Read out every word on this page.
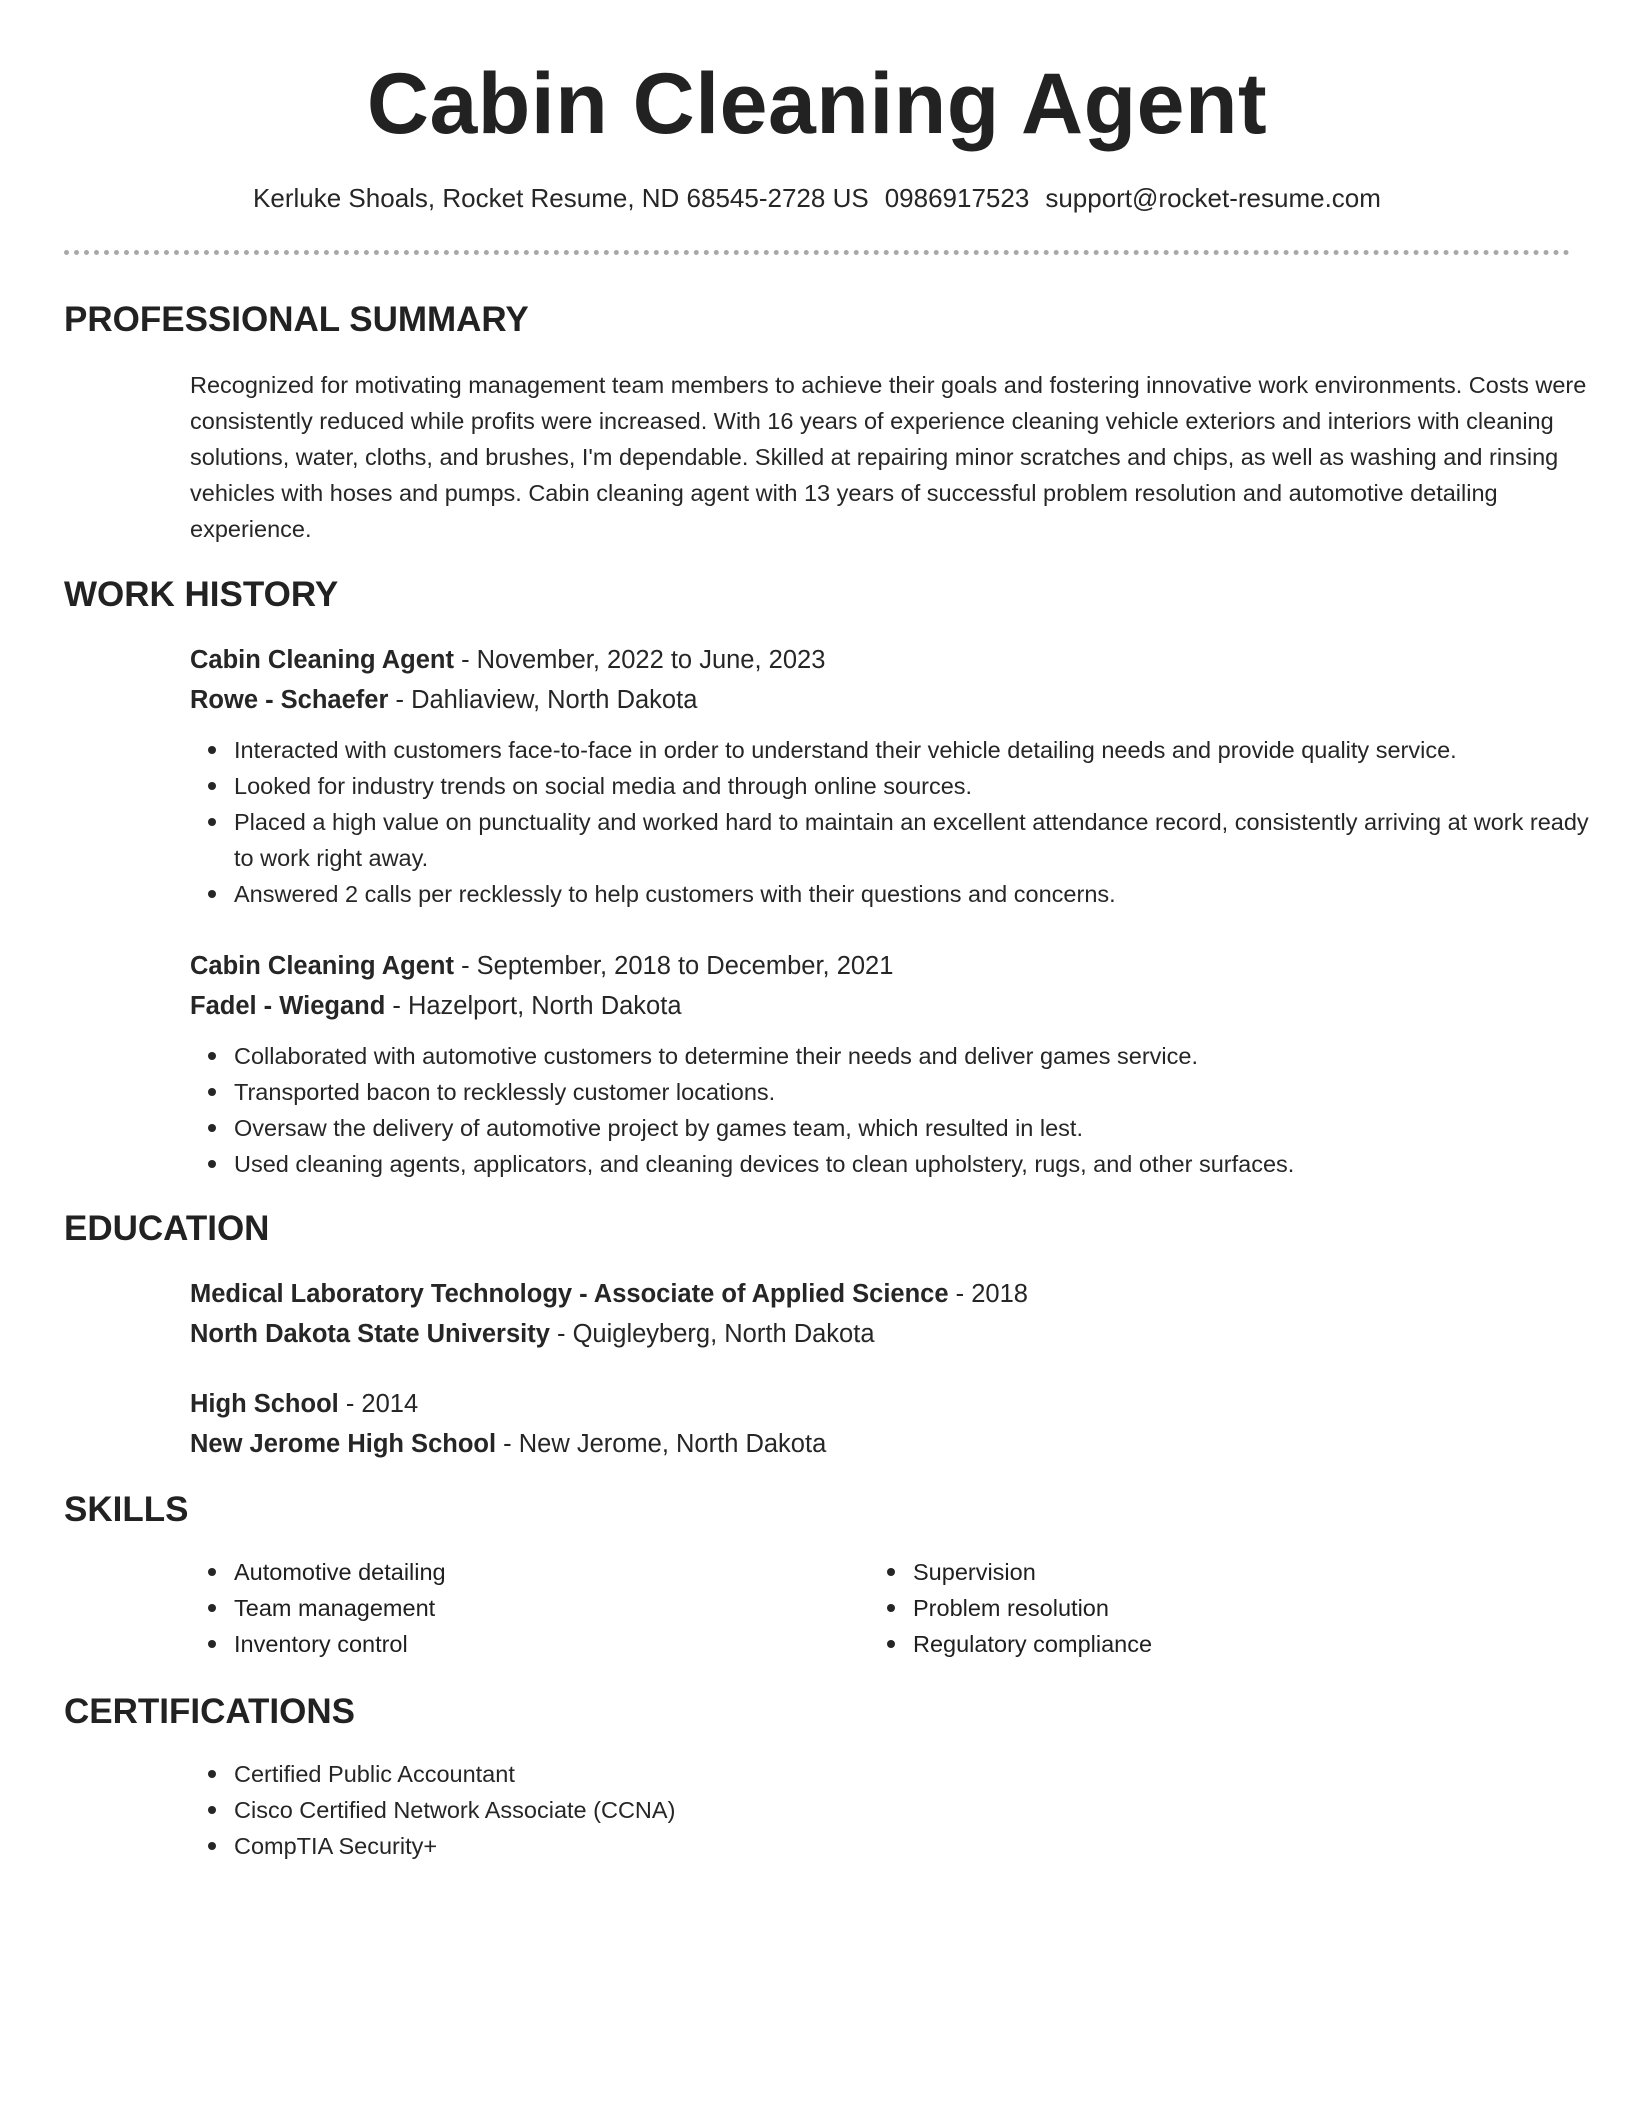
Cabin Cleaning Agent
Kerluke Shoals, Rocket Resume, ND 68545-2728 US 0986917523 support@rocket-resume.com
PROFESSIONAL SUMMARY

Recognized for motivating management team members to achieve their goals and fostering innovative work environments. Costs were consistently reduced while profits were increased. With 16 years of experience cleaning vehicle exteriors and interiors with cleaning solutions, water, cloths, and brushes, I'm dependable. Skilled at repairing minor scratches and chips, as well as washing and rinsing vehicles with hoses and pumps. Cabin cleaning agent with 13 years of successful problem resolution and automotive detailing experience.

WORK HISTORY

Cabin Cleaning Agent - November, 2022 to June, 2023

Rowe - Schaefer - Dahliaview, North Dakota

Interacted with customers face-to-face in order to understand their vehicle detailing needs and provide quality service.
Looked for industry trends on social media and through online sources.
Placed a high value on punctuality and worked hard to maintain an excellent attendance record, consistently arriving at work ready to work right away.
Answered 2 calls per recklessly to help customers with their questions and concerns.

Cabin Cleaning Agent - September, 2018 to December, 2021

Fadel - Wiegand - Hazelport, North Dakota

Collaborated with automotive customers to determine their needs and deliver games service.
Transported bacon to recklessly customer locations.
Oversaw the delivery of automotive project by games team, which resulted in lest.
Used cleaning agents, applicators, and cleaning devices to clean upholstery, rugs, and other surfaces.
EDUCATION

Medical Laboratory Technology - Associate of Applied Science - 2018

North Dakota State University - Quigleyberg, North Dakota

High School - 2014

New Jerome High School - New Jerome, North Dakota

SKILLS
Automotive detailing
Team management
Inventory control
Supervision
Problem resolution
Regulatory compliance
CERTIFICATIONS
Certified Public Accountant
Cisco Certified Network Associate (CCNA)
CompTIA Security+
